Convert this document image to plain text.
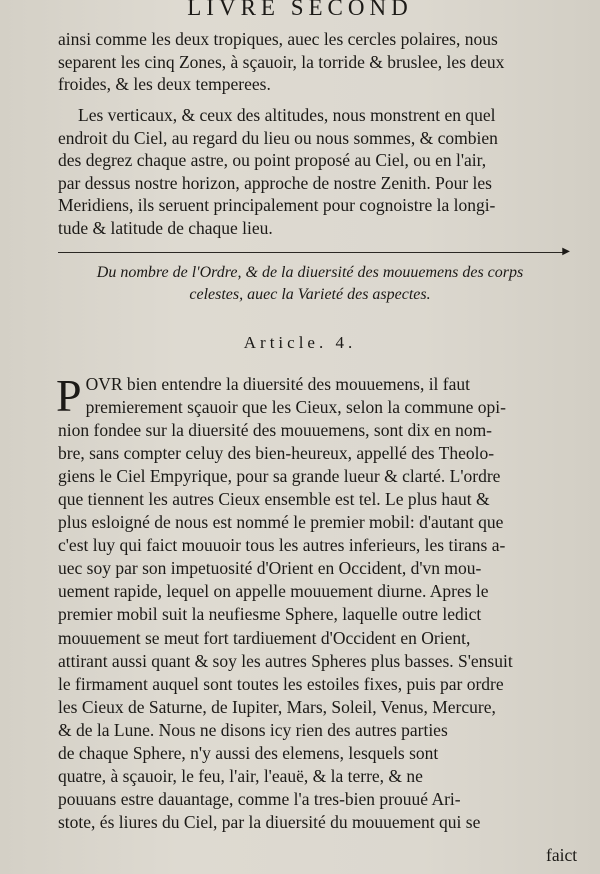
LIVRE SECOND
ainsi comme les deux tropiques, auec les cercles polaires, nous
separent les cinq Zones, à sçauoir, la torride & bruslee, les deux
froides, & les deux temperees.
Les verticaux, & ceux des altitudes, nous monstrent en quel
endroit du Ciel, au regard du lieu ou nous sommes, & combien
des degrez chaque astre, ou point proposé au Ciel, ou en l'air,
par dessus nostre horizon, approche de nostre Zenith. Pour les
Meridiens, ils seruent principalement pour cognoistre la longi-
tude & latitude de chaque lieu.
▶
Du nombre de l'Ordre, & de la diuersité des mouuemens des corps
celestes, auec la Varieté des aspectes.
Article. 4.
P OVR bien entendre la diuersité des mouuemens, il faut
premierement sçauoir que les Cieux, selon la commune opi-
nion fondee sur la diuersité des mouuemens, sont dix en nom-
bre, sans compter celuy des bien-heureux, appellé des Theolo-
giens le Ciel Empyrique, pour sa grande lueur & clarté. L'ordre
que tiennent les autres Cieux ensemble est tel. Le plus haut &
plus esloigné de nous est nommé le premier mobil: d'autant que
c'est luy qui faict mouuoir tous les autres inferieurs, les tirans a-
uec soy par son impetuosité d'Orient en Occident, d'vn mou-
uement rapide, lequel on appelle mouuement diurne. Apres le
premier mobil suit la neufiesme Sphere, laquelle outre ledict
mouuement se meut fort tardiuement d'Occident en Orient,
attirant aussi quant & soy les autres Spheres plus basses. S'ensuit
le firmament auquel sont toutes les estoiles fixes, puis par ordre
les Cieux de Saturne, de Iupiter, Mars, Soleil, Venus, Mercure,
& de la Lune. Nous ne disons icy rien des autres parties
de chaque Sphere, n'y aussi des elemens, lesquels sont
quatre, à sçauoir, le feu, l'air, l'eauë, & la terre, & ne
pouuans estre dauantage, comme l'a tres-bien prouué Ari-
stote, és liures du Ciel, par la diuersité du mouuement qui se
faict
